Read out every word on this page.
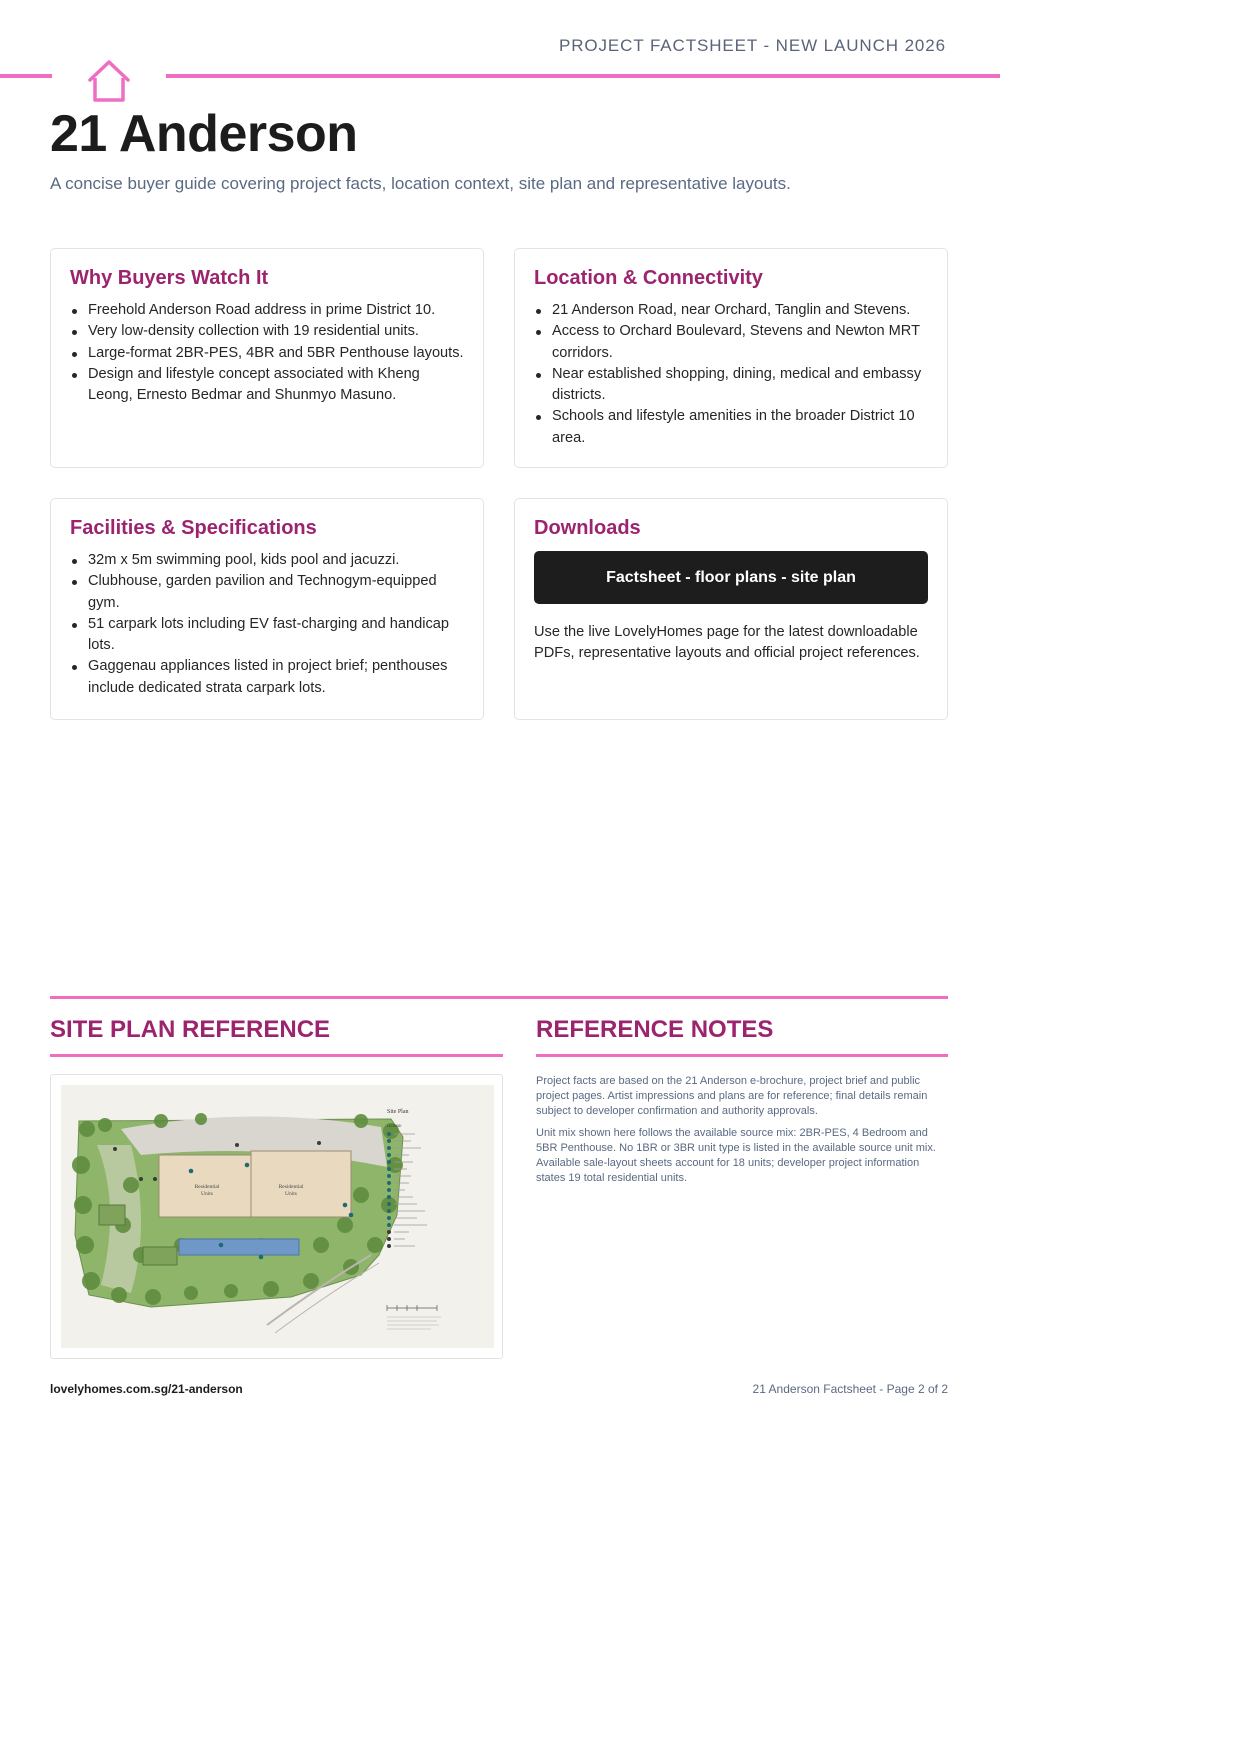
PROJECT FACTSHEET - NEW LAUNCH 2026
21 Anderson
A concise buyer guide covering project facts, location context, site plan and representative layouts.
Why Buyers Watch It
Freehold Anderson Road address in prime District 10.
Very low-density collection with 19 residential units.
Large-format 2BR-PES, 4BR and 5BR Penthouse layouts.
Design and lifestyle concept associated with Kheng Leong, Ernesto Bedmar and Shunmyo Masuno.
Location & Connectivity
21 Anderson Road, near Orchard, Tanglin and Stevens.
Access to Orchard Boulevard, Stevens and Newton MRT corridors.
Near established shopping, dining, medical and embassy districts.
Schools and lifestyle amenities in the broader District 10 area.
Facilities & Specifications
32m x 5m swimming pool, kids pool and jacuzzi.
Clubhouse, garden pavilion and Technogym-equipped gym.
51 carpark lots including EV fast-charging and handicap lots.
Gaggenau appliances listed in project brief; penthouses include dedicated strata carpark lots.
Downloads
Factsheet - floor plans - site plan

Use the live LovelyHomes page for the latest downloadable PDFs, representative layouts and official project references.

SITE PLAN REFERENCE	REFERENCE NOTES
Residential
Units
Residential
Units
Site Plan
LEGEND

Project facts are based on the 21 Anderson e-brochure, project brief and public project pages. Artist impressions and plans are for reference; final details remain subject to developer confirmation and authority approvals.

Unit mix shown here follows the available source mix: 2BR-PES, 4 Bedroom and 5BR Penthouse. No 1BR or 3BR unit type is listed in the available source unit mix. Available sale-layout sheets account for 18 units; developer project information states 19 total residential units.

lovelyhomes.com.sg/21-anderson	21 Anderson Factsheet - Page 2 of 2
